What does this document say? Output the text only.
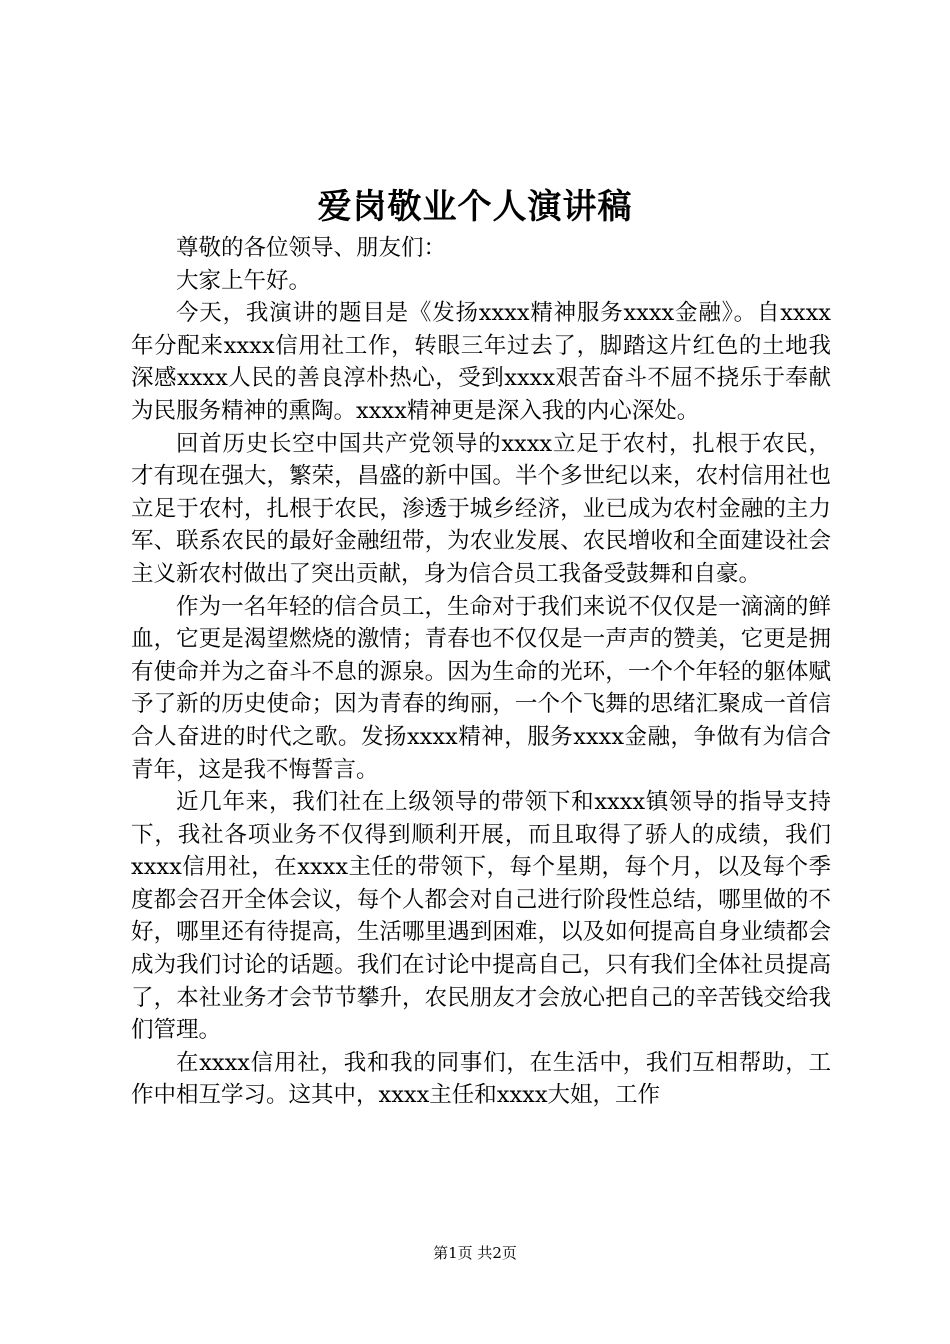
爱岗敬业个人演讲稿

尊敬的各位领导、朋友们：

大家上午好。

今天，我演讲的题目是《发扬xxxx精神服务xxxx金融》。自xxxx年分配来xxxx信用社工作，转眼三年过去了，脚踏这片红色的土地我深感xxxx人民的善良淳朴热心，受到xxxx艰苦奋斗不屈不挠乐于奉献为民服务精神的熏陶。xxxx精神更是深入我的内心深处。

回首历史长空中国共产党领导的xxxx立足于农村，扎根于农民，才有现在强大，繁荣，昌盛的新中国。半个多世纪以来，农村信用社也立足于农村，扎根于农民，渗透于城乡经济，业已成为农村金融的主力军、联系农民的最好金融纽带，为农业发展、农民增收和全面建设社会主义新农村做出了突出贡献，身为信合员工我备受鼓舞和自豪。

作为一名年轻的信合员工，生命对于我们来说不仅仅是一滴滴的鲜血，它更是渴望燃烧的激情；青春也不仅仅是一声声的赞美，它更是拥有使命并为之奋斗不息的源泉。因为生命的光环，一个个年轻的躯体赋予了新的历史使命；因为青春的绚丽，一个个飞舞的思绪汇聚成一首信合人奋进的时代之歌。发扬xxxx精神，服务xxxx金融，争做有为信合青年，这是我不悔誓言。

近几年来，我们社在上级领导的带领下和xxxx镇领导的指导支持下，我社各项业务不仅得到顺利开展，而且取得了骄人的成绩，我们xxxx信用社，在xxxx主任的带领下，每个星期，每个月，以及每个季度都会召开全体会议，每个人都会对自己进行阶段性总结，哪里做的不好，哪里还有待提高，生活哪里遇到困难，以及如何提高自身业绩都会成为我们讨论的话题。我们在讨论中提高自己，只有我们全体社员提高了，本社业务才会节节攀升，农民朋友才会放心把自己的辛苦钱交给我们管理。

在xxxx信用社，我和我的同事们，在生活中，我们互相帮助，工作中相互学习。这其中，xxxx主任和xxxx大姐，工作

第1页 共2页
